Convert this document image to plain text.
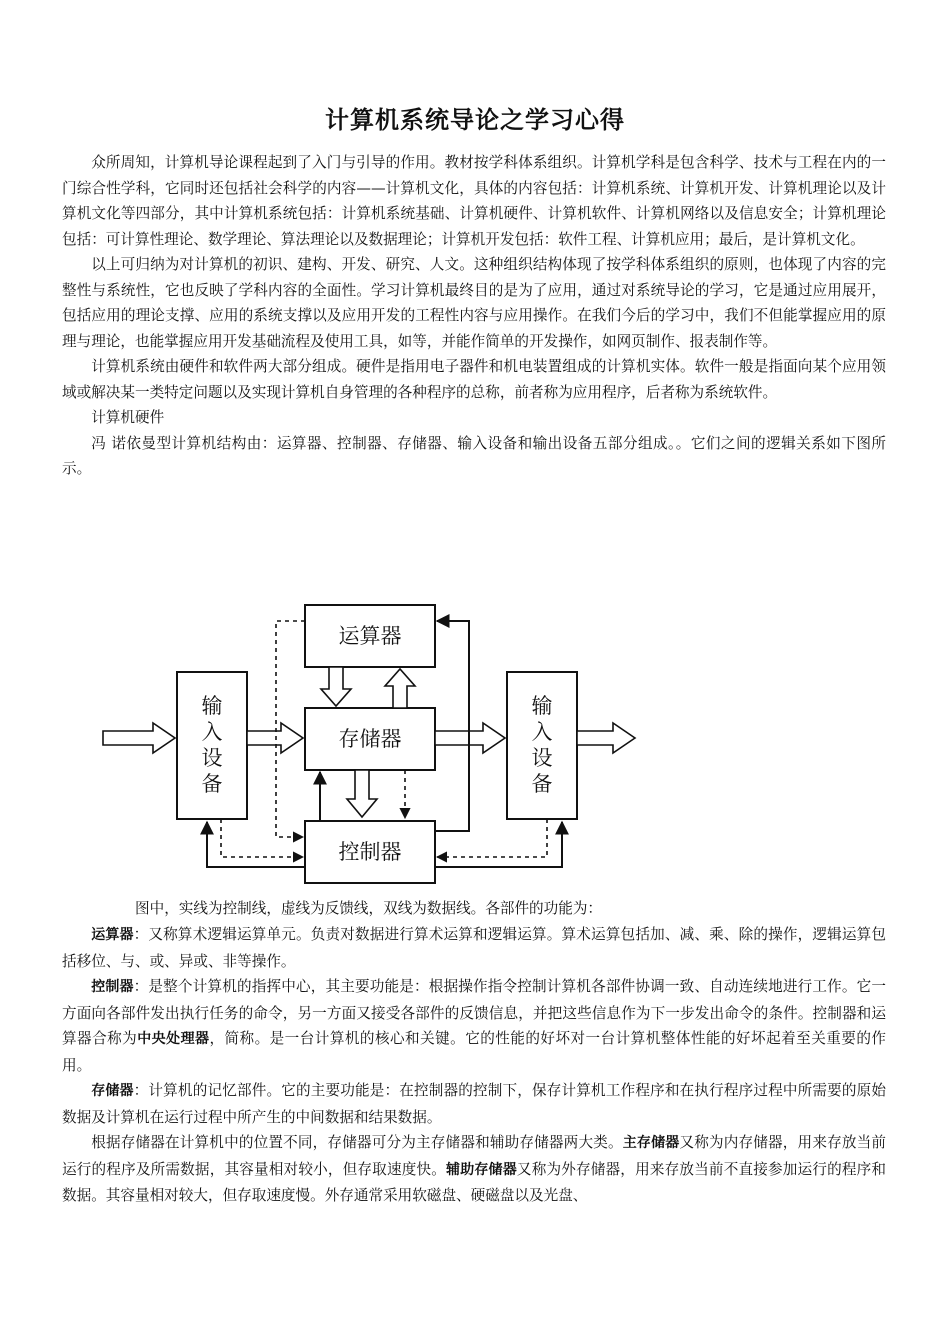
计算机系统导论之学习心得

众所周知，计算机导论课程起到了入门与引导的作用。教材按学科体系组织。计算机学科是包含科学、技术与工程在内的一门综合性学科，它同时还包括社会科学的内容——计算机文化，具体的内容包括：计算机系统、计算机开发、计算机理论以及计算机文化等四部分，其中计算机系统包括：计算机系统基础、计算机硬件、计算机软件、计算机网络以及信息安全；计算机理论包括：可计算性理论、数学理论、算法理论以及数据理论；计算机开发包括：软件工程、计算机应用；最后，是计算机文化。

以上可归纳为对计算机的初识、建构、开发、研究、人文。这种组织结构体现了按学科体系组织的原则，也体现了内容的完整性与系统性，它也反映了学科内容的全面性。学习计算机最终目的是为了应用，通过对系统导论的学习，它是通过应用展开，包括应用的理论支撑、应用的系统支撑以及应用开发的工程性内容与应用操作。在我们今后的学习中，我们不但能掌握应用的原理与理论，也能掌握应用开发基础流程及使用工具，如等，并能作简单的开发操作，如网页制作、报表制作等。

计算机系统由硬件和软件两大部分组成。硬件是指用电子器件和机电装置组成的计算机实体。软件一般是指面向某个应用领域或解决某一类特定问题以及实现计算机自身管理的各种程序的总称，前者称为应用程序，后者称为系统软件。

计算机硬件

冯 诺依曼型计算机结构由：运算器、控制器、存储器、输入设备和输出设备五部分组成。。它们之间的逻辑关系如下图所示。

运算器
存储器
控制器
输
入
设
备
输
入
设
备

图中，实线为控制线，虚线为反馈线，双线为数据线。各部件的功能为：

运算器：又称算术逻辑运算单元。负责对数据进行算术运算和逻辑运算。算术运算包括加、减、乘、除的操作，逻辑运算包括移位、与、或、异或、非等操作。

控制器：是整个计算机的指挥中心，其主要功能是：根据操作指令控制计算机各部件协调一致、自动连续地进行工作。它一方面向各部件发出执行任务的命令，另一方面又接受各部件的反馈信息，并把这些信息作为下一步发出命令的条件。控制器和运算器合称为中央处理器，简称。是一台计算机的核心和关键。它的性能的好坏对一台计算机整体性能的好坏起着至关重要的作用。

存储器：计算机的记忆部件。它的主要功能是：在控制器的控制下，保存计算机工作程序和在执行程序过程中所需要的原始数据及计算机在运行过程中所产生的中间数据和结果数据。

根据存储器在计算机中的位置不同，存储器可分为主存储器和辅助存储器两大类。主存储器又称为内存储器，用来存放当前运行的程序及所需数据，其容量相对较小，但存取速度快。辅助存储器又称为外存储器，用来存放当前不直接参加运行的程序和数据。其容量相对较大，但存取速度慢。外存通常采用软磁盘、硬磁盘以及光盘、
